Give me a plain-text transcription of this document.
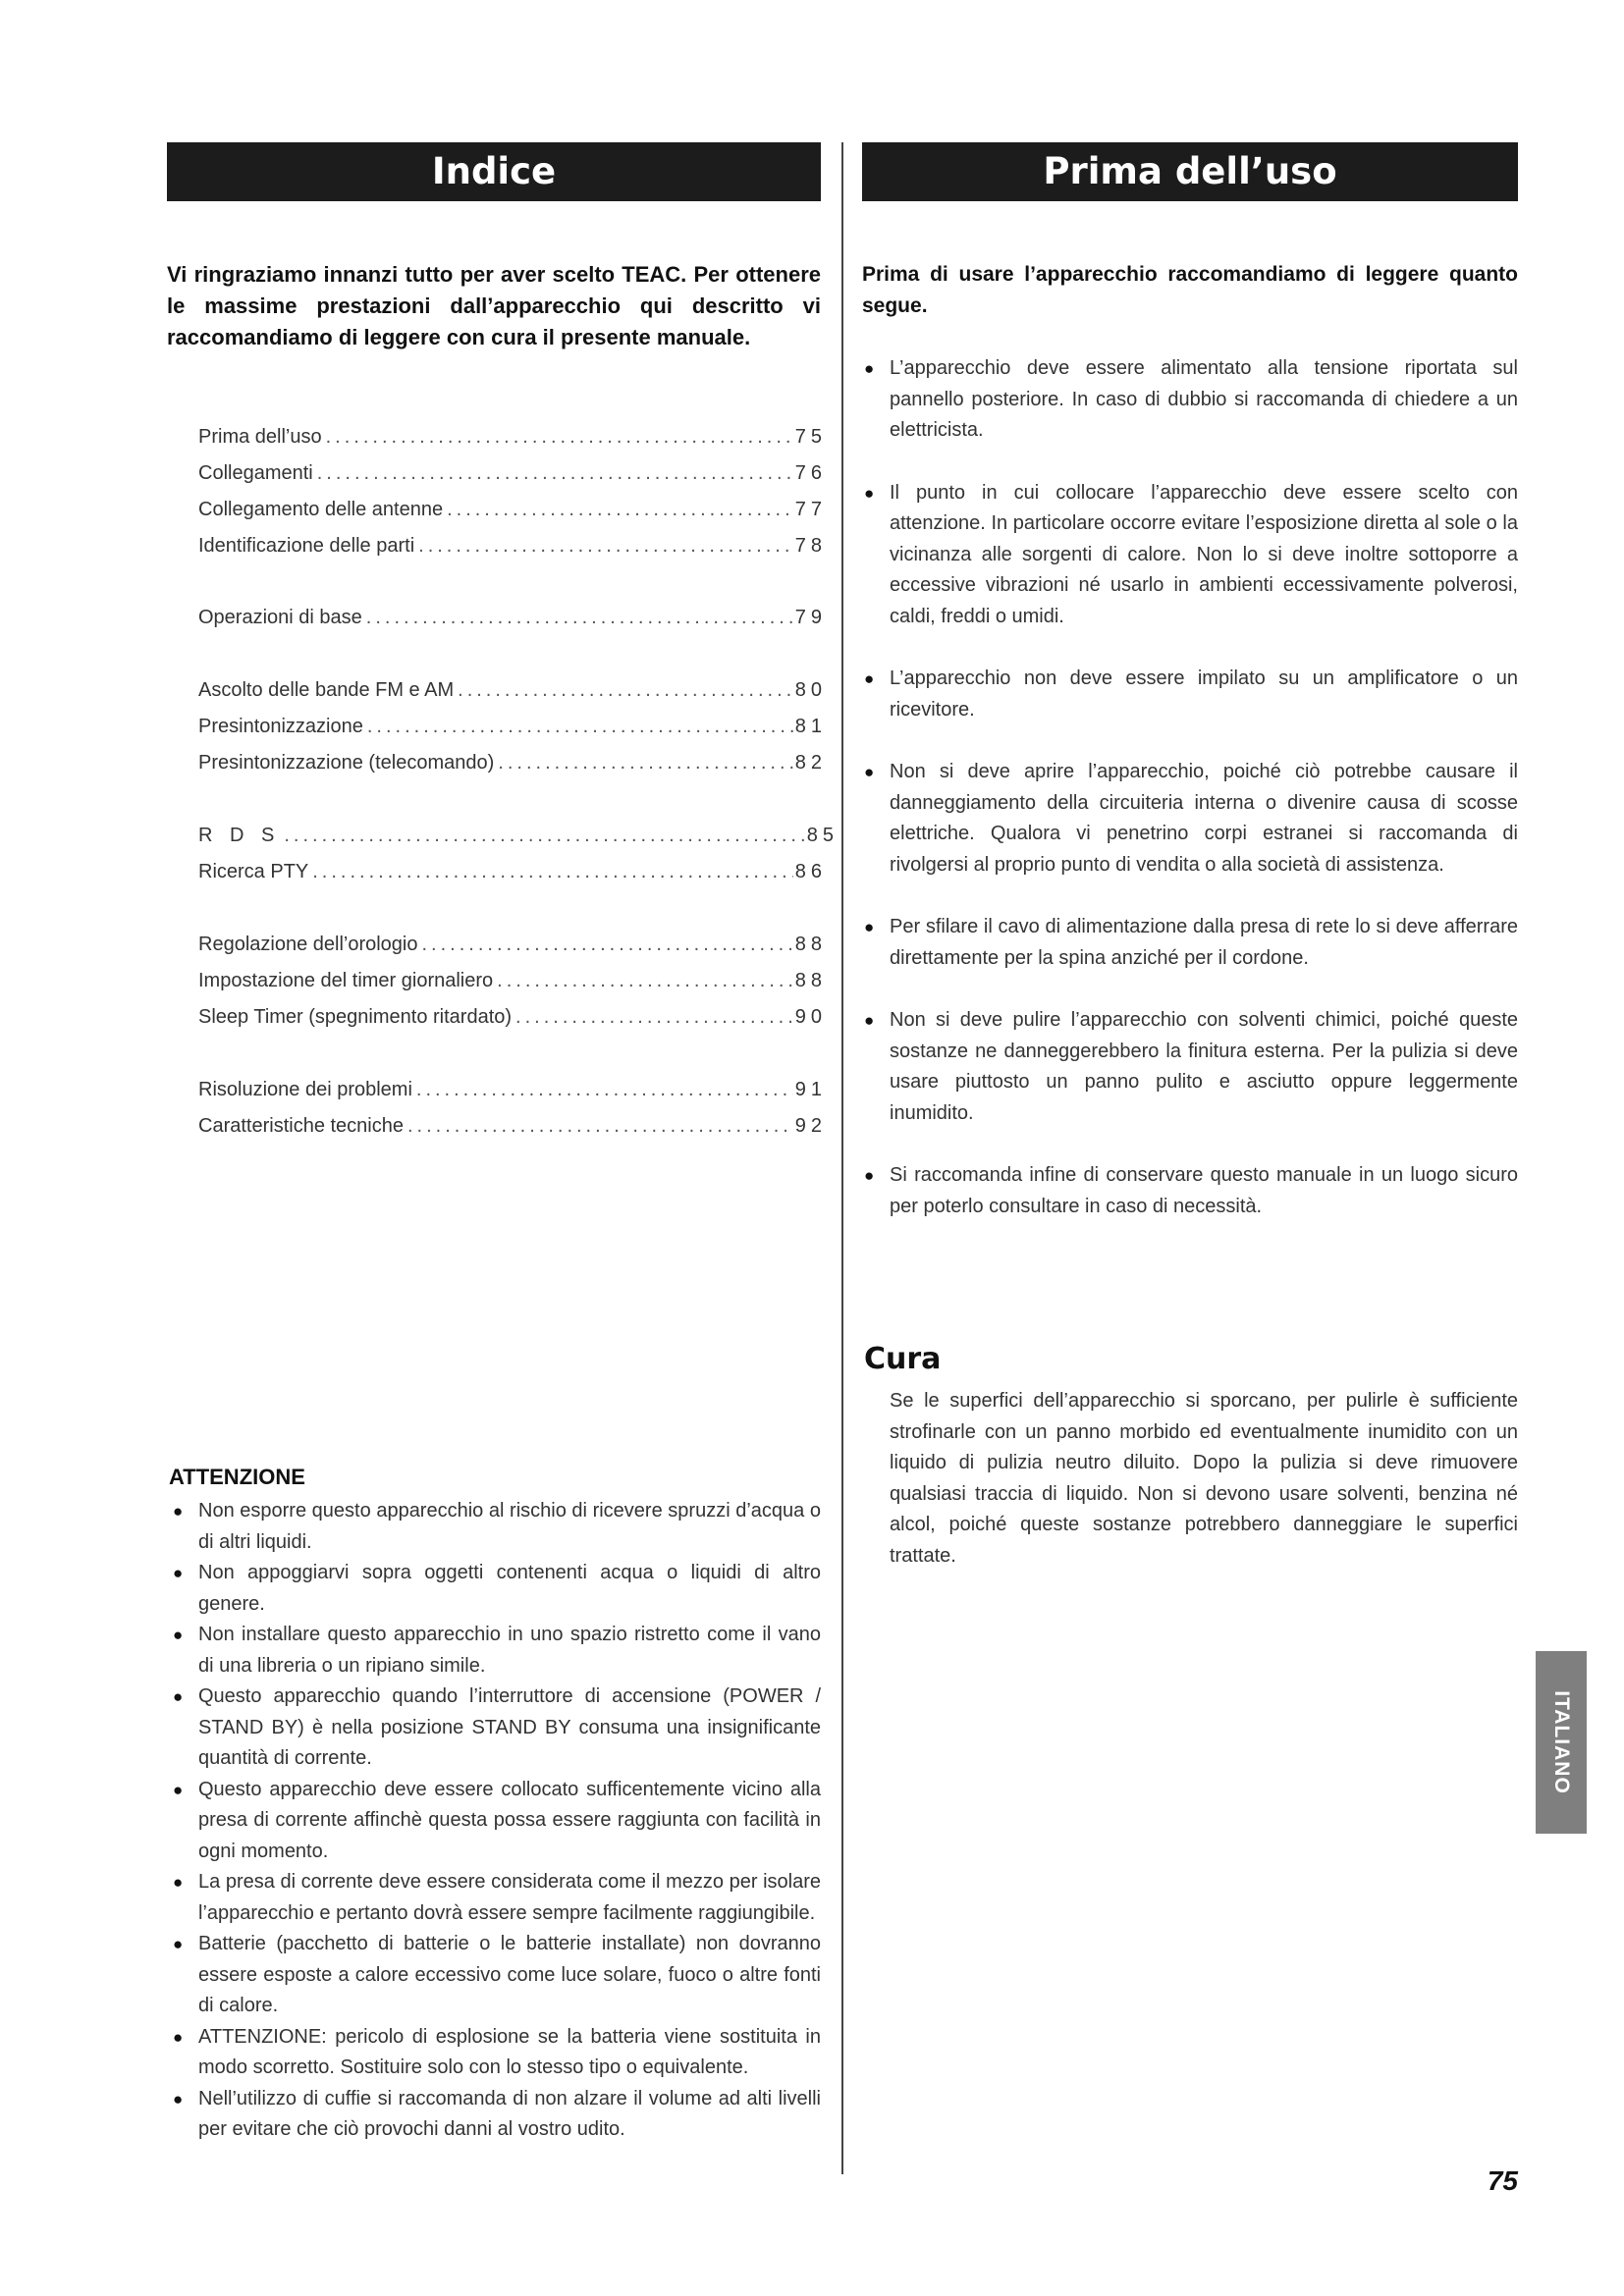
Indice	Prima dell’uso

Vi ringraziamo innanzi tutto per aver scelto TEAC. Per ottenere le massime prestazioni dall’apparecchio qui descritto vi raccomandiamo di leggere con cura il presente manuale.

Prima dell’uso .....	75
Collegamenti .....	76
Collegamento delle antenne .....	77
Identificazione delle parti .....	78
Operazioni di base .....	79
Ascolto delle bande FM e AM .....	80
Presintonizzazione .....	81
Presintonizzazione (telecomando) .....	82
R D S .....	85
Ricerca PTY .....	86
Regolazione dell’orologio .....	88
Impostazione del timer giornaliero .....	88
Sleep Timer (spegnimento ritardato) .....	90
Risoluzione dei problemi .....	91
Caratteristiche tecniche .....	92
ATTENZIONE
● Non esporre questo apparecchio al rischio di ricevere spruzzi d’acqua o di altri liquidi.
● Non appoggiarvi sopra oggetti contenenti acqua o liquidi di altro genere.
● Non installare questo apparecchio in uno spazio ristretto come il vano di una libreria o un ripiano simile.
● Questo apparecchio quando l’interruttore di accensione (POWER / STAND BY) è nella posizione STAND BY consuma una insignificante quantità di corrente.
● Questo apparecchio deve essere collocato sufficentemente vicino alla presa di corrente affinchè questa possa essere raggiunta con facilità in ogni momento.
● La presa di corrente deve essere considerata come il mezzo per isolare l’apparecchio e pertanto dovrà essere sempre facilmente raggiungibile.
● Batterie (pacchetto di batterie o le batterie installate) non dovranno essere esposte a calore eccessivo come luce solare, fuoco o altre fonti di calore.
● ATTENZIONE: pericolo di esplosione se la batteria viene sostituita in modo scorretto. Sostituire solo con lo stesso tipo o equivalente.
● Nell’utilizzo di cuffie si raccomanda di non alzare il volume ad alti livelli per evitare che ciò provochi danni al vostro udito.

Prima di usare l’apparecchio raccomandiamo di leggere quanto segue.

● L’apparecchio deve essere alimentato alla tensione riportata sul pannello posteriore. In caso di dubbio si raccomanda di chiedere a un elettricista.
● Il punto in cui collocare l’apparecchio deve essere scelto con attenzione. In particolare occorre evitare l’esposizione diretta al sole o la vicinanza alle sorgenti di calore. Non lo si deve inoltre sottoporre a eccessive vibrazioni né usarlo in ambienti eccessivamente polverosi, caldi, freddi o umidi.
● L’apparecchio non deve essere impilato su un amplificatore o un ricevitore.
● Non si deve aprire l’apparecchio, poiché ciò potrebbe causare il danneggiamento della circuiteria interna o divenire causa di scosse elettriche. Qualora vi penetrino corpi estranei si raccomanda di rivolgersi al proprio punto di vendita o alla società di assistenza.
● Per sfilare il cavo di alimentazione dalla presa di rete lo si deve afferrare direttamente per la spina anziché per il cordone.
● Non si deve pulire l’apparecchio con solventi chimici, poiché queste sostanze ne danneggerebbero la finitura esterna. Per la pulizia si deve usare piuttosto un panno pulito e asciutto oppure leggermente inumidito.
● Si raccomanda infine di conservare questo manuale in un luogo sicuro per poterlo consultare in caso di necessità.
Cura

Se le superfici dell’apparecchio si sporcano, per pulirle è sufficiente strofinarle con un panno morbido ed eventualmente inumidito con un liquido di pulizia neutro diluito. Dopo la pulizia si deve rimuovere qualsiasi traccia di liquido. Non si devono usare solventi, benzina né alcol, poiché queste sostanze potrebbero danneggiare le superfici trattate.

ITALIANO
75
